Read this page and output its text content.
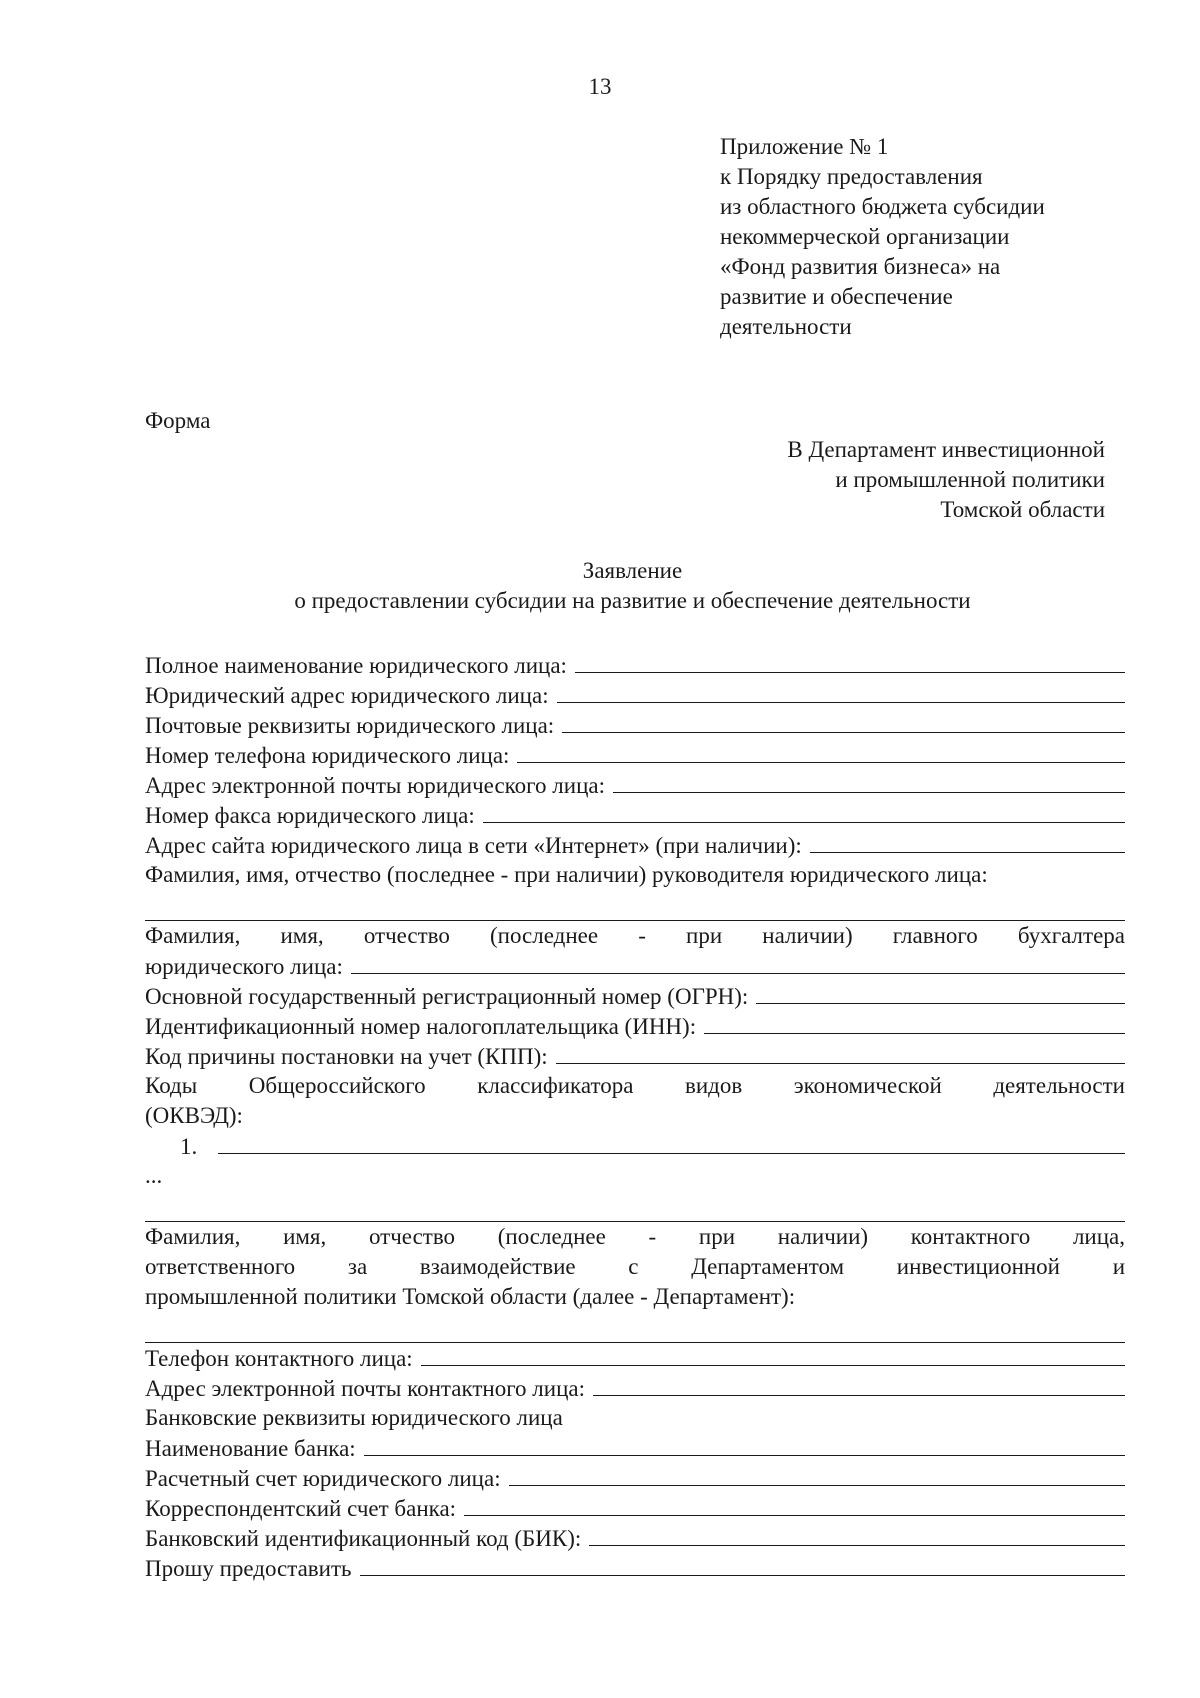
13
Приложение № 1
к Порядку предоставления
из областного бюджета субсидии
некоммерческой организации
«Фонд развития бизнеса» на
развитие и обеспечение
деятельности
Форма
В Департамент инвестиционной
и промышленной политики
Томской области
Заявление
о предоставлении субсидии на развитие и обеспечение деятельности
Полное наименование юридического лица:
Юридический адрес юридического лица:
Почтовые реквизиты юридического лица:
Номер телефона юридического лица:
Адрес электронной почты юридического лица:
Номер факса юридического лица:
Адрес сайта юридического лица в сети «Интернет» (при наличии):
Фамилия, имя, отчество (последнее - при наличии) руководителя юридического лица:
Фамилия, имя, отчество (последнее - при наличии) главного бухгалтера
юридического лица:
Основной государственный регистрационный номер (ОГРН):
Идентификационный номер налогоплательщика (ИНН):
Код причины постановки на учет (КПП):
Коды Общероссийского классификатора видов экономической деятельности
(ОКВЭД):
1.
...
Фамилия, имя, отчество (последнее - при наличии) контактного лица,
ответственного за взаимодействие с Департаментом инвестиционной и
промышленной политики Томской области (далее - Департамент):
Телефон контактного лица:
Адрес электронной почты контактного лица:
Банковские реквизиты юридического лица
Наименование банка:
Расчетный счет юридического лица:
Корреспондентский счет банка:
Банковский идентификационный код (БИК):
Прошу предоставить
